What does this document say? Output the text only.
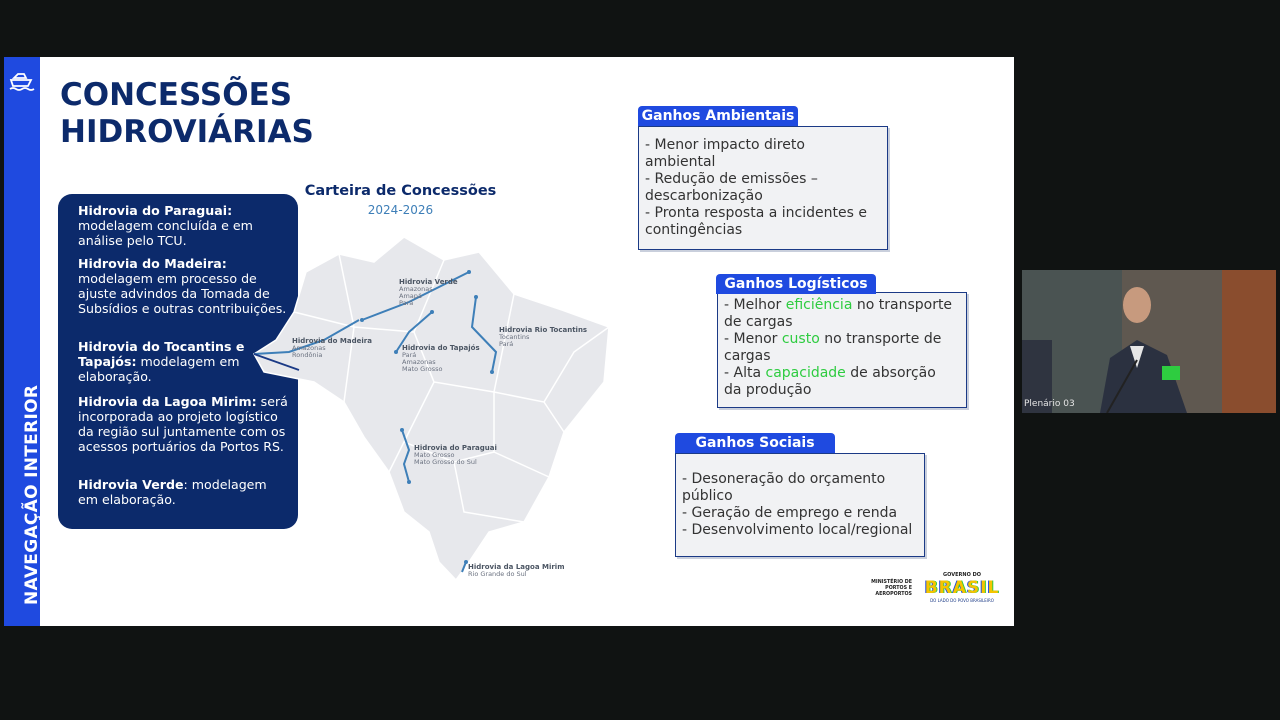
NAVEGAÇÃO INTERIOR
CONCESSÕES
HIDROVIÁRIAS
Hidrovia do Paraguai:
modelagem concluída e em análise pelo TCU.
Hidrovia do Madeira:
modelagem em processo de ajuste advindos da Tomada de Subsídios e outras contribuições.
Hidrovia do Tocantins e Tapajós: modelagem em elaboração.
Hidrovia da Lagoa Mirim: será incorporada ao projeto logístico da região sul juntamente com os acessos portuários da Portos RS.
Hidrovia Verde: modelagem em elaboração.
Carteira de Concessões
2024-2026
Hidrovia Verde
Amazonas
Amapá
Pará
Hidrovia do Madeira
Amazonas
Rondônia
Hidrovia do Tapajós
Pará
Amazonas
Mato Grosso
Hidrovia Rio Tocantins
Tocantins
Pará
Hidrovia do Paraguai
Mato Grosso
Mato Grosso do Sul
Hidrovia da Lagoa Mirim
Rio Grande do Sul
Ganhos Ambientais
- Menor impacto direto
ambiental
- Redução de emissões –
descarbonização
- Pronta resposta a incidentes e
contingências
Ganhos Logísticos
- Melhor eficiência no transporte
de cargas
- Menor custo no transporte de
cargas
- Alta capacidade de absorção
da produção
Ganhos Sociais
- Desoneração do orçamento
público
- Geração de emprego e renda
- Desenvolvimento local/regional
MINISTÉRIO DE
PORTOS E
AEROPORTOS
GOVERNO DO
BRASIL
DO LADO DO POVO BRASILEIRO
Plenário 03
